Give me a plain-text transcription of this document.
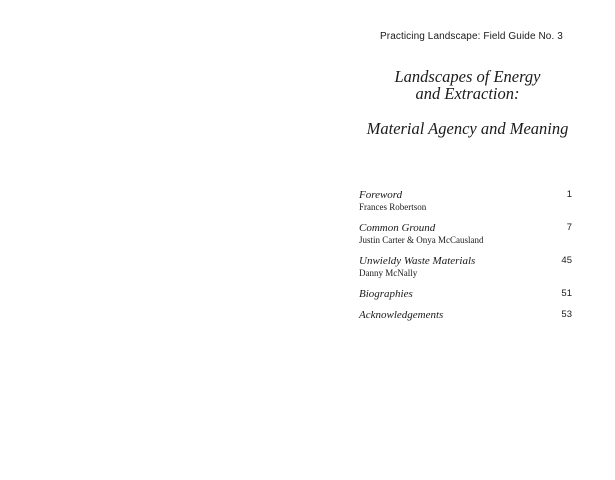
Practicing Landscape: Field Guide No. 3
Landscapes of Energy
and Extraction:
Material Agency and Meaning
Foreword
Frances Robertson
1
Common Ground
Justin Carter & Onya McCausland
7
Unwieldy Waste Materials
Danny McNally
45
Biographies	51
Acknowledgements	53
